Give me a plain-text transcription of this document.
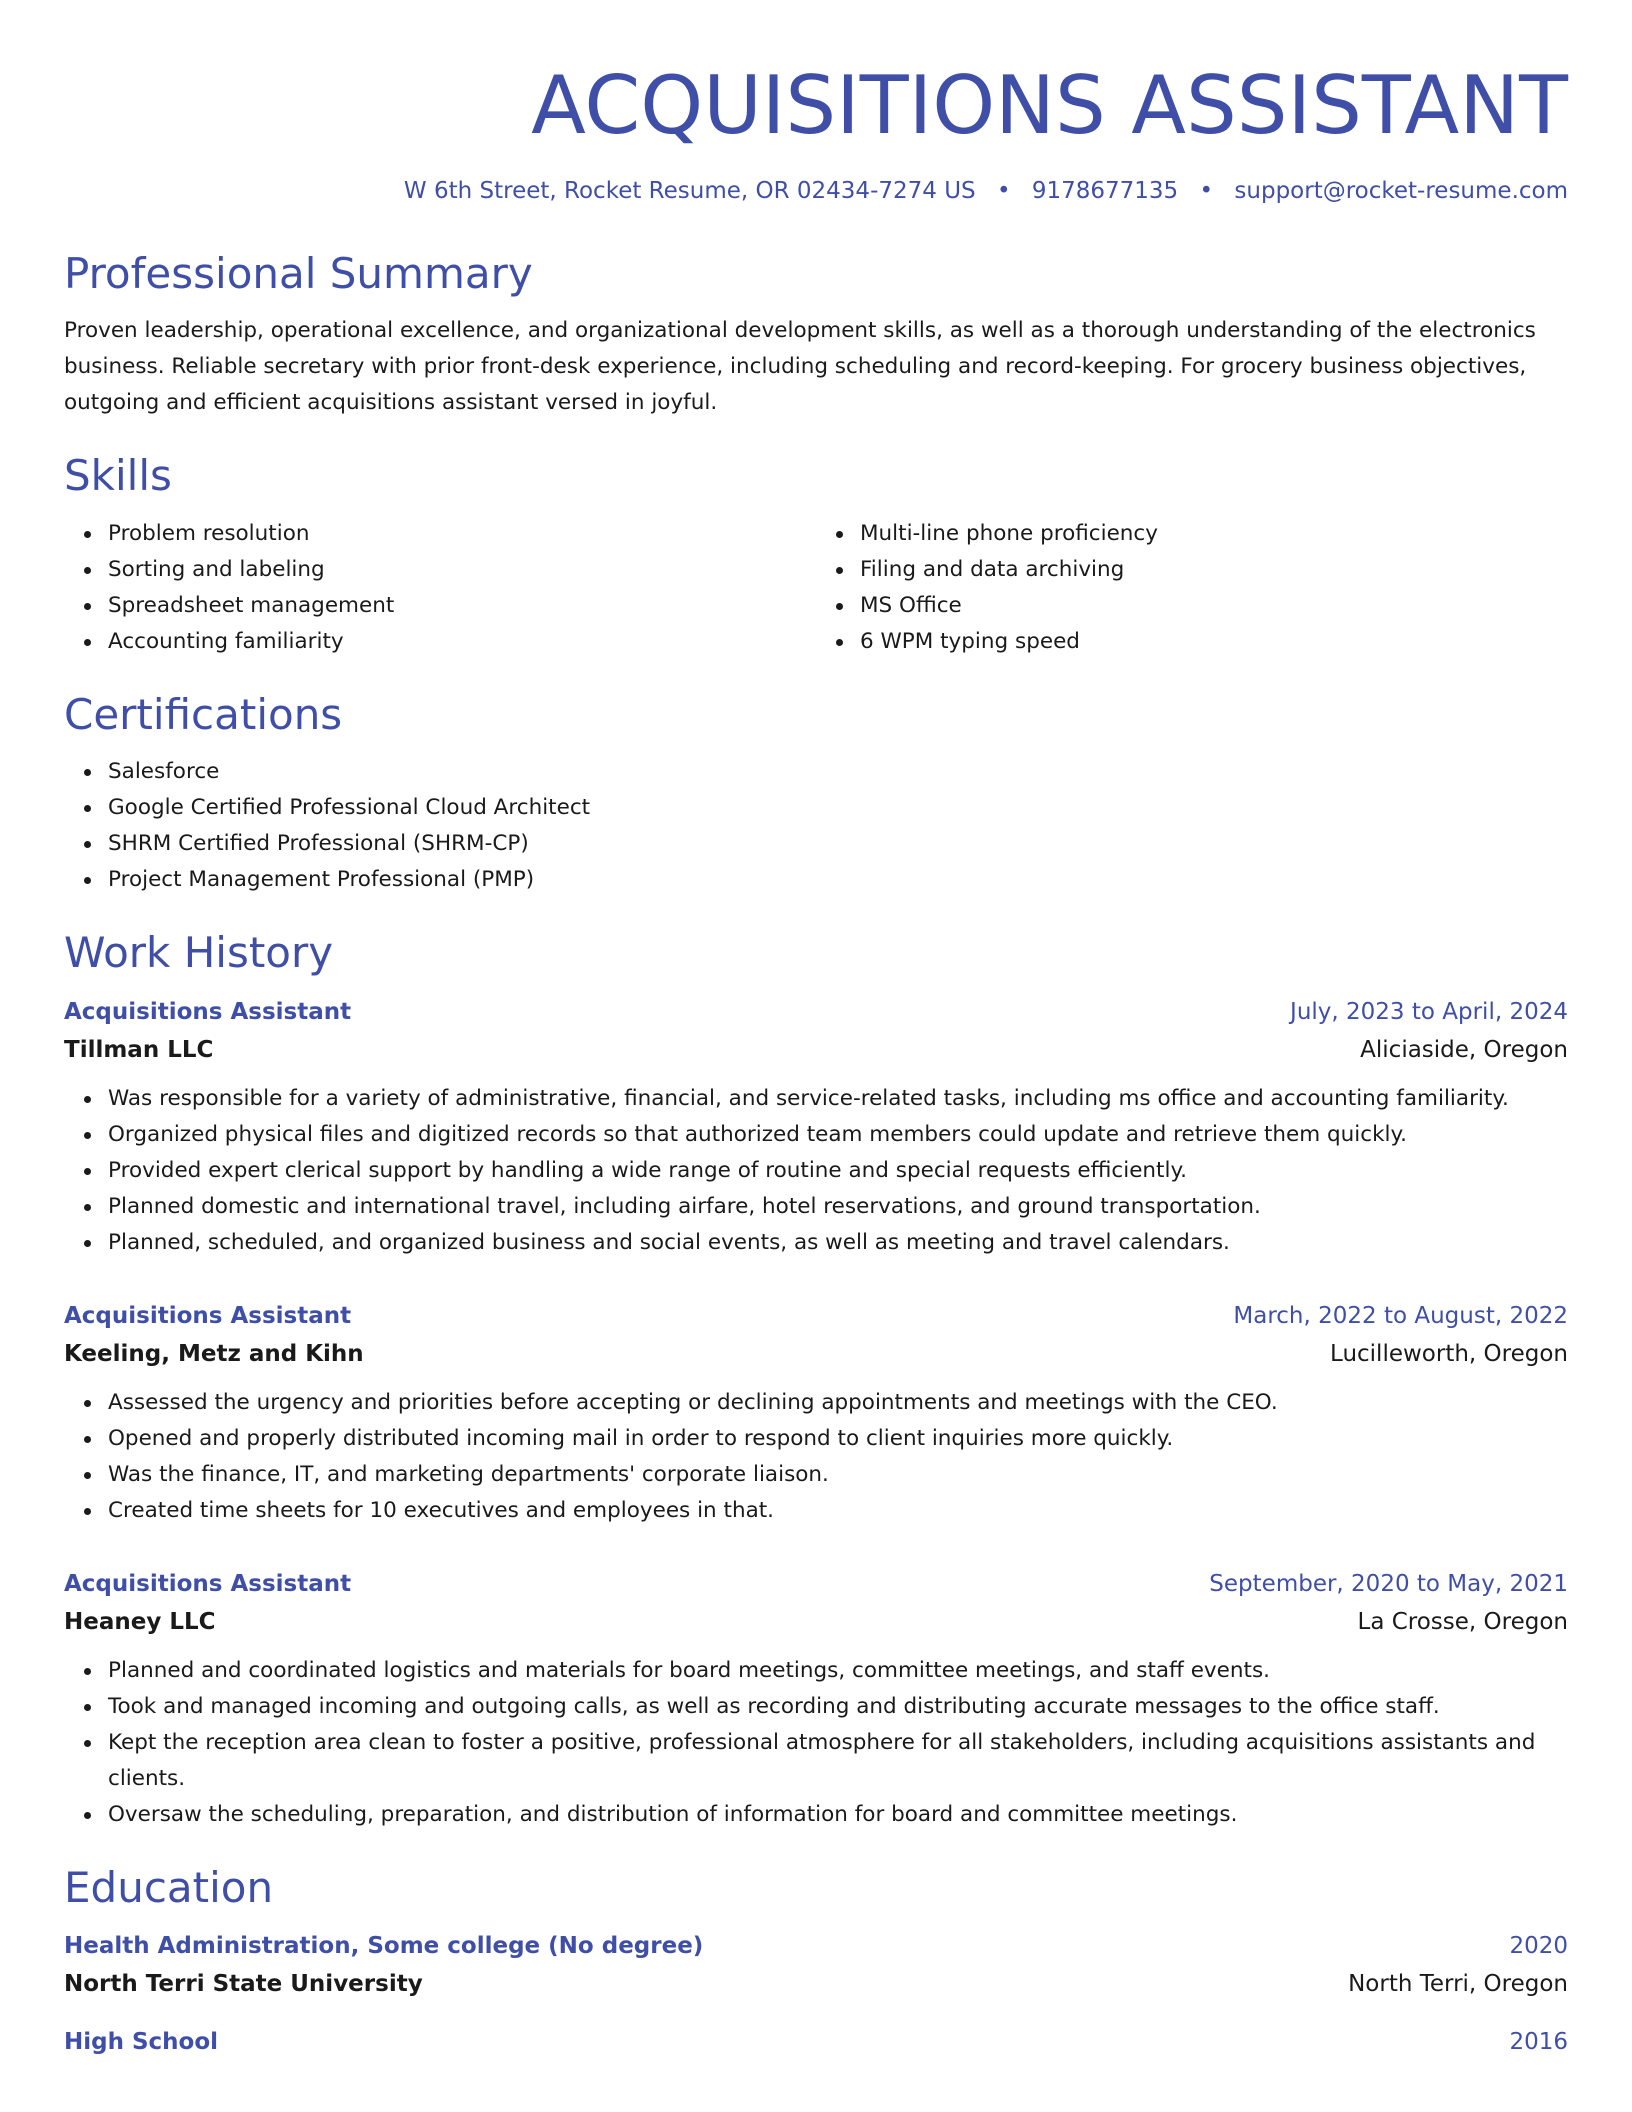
ACQUISITIONS ASSISTANT
W 6th Street, Rocket Resume, OR 02434-7274 US • 9178677135 • support@rocket-resume.com
Professional Summary
Proven leadership, operational excellence, and organizational development skills, as well as a thorough understanding of the electronics business. Reliable secretary with prior front-desk experience, including scheduling and record-keeping. For grocery business objectives, outgoing and efficient acquisitions assistant versed in joyful.
Skills
Problem resolution
Sorting and labeling
Spreadsheet management
Accounting familiarity
Multi-line phone proficiency
Filing and data archiving
MS Office
6 WPM typing speed
Certifications
Salesforce
Google Certified Professional Cloud Architect
SHRM Certified Professional (SHRM-CP)
Project Management Professional (PMP)
Work History
Acquisitions Assistant	July, 2023 to April, 2024
Tillman LLC	Aliciaside, Oregon
Was responsible for a variety of administrative, financial, and service-related tasks, including ms office and accounting familiarity.
Organized physical files and digitized records so that authorized team members could update and retrieve them quickly.
Provided expert clerical support by handling a wide range of routine and special requests efficiently.
Planned domestic and international travel, including airfare, hotel reservations, and ground transportation.
Planned, scheduled, and organized business and social events, as well as meeting and travel calendars.
Acquisitions Assistant	March, 2022 to August, 2022
Keeling, Metz and Kihn	Lucilleworth, Oregon
Assessed the urgency and priorities before accepting or declining appointments and meetings with the CEO.
Opened and properly distributed incoming mail in order to respond to client inquiries more quickly.
Was the finance, IT, and marketing departments' corporate liaison.
Created time sheets for 10 executives and employees in that.
Acquisitions Assistant	September, 2020 to May, 2021
Heaney LLC	La Crosse, Oregon
Planned and coordinated logistics and materials for board meetings, committee meetings, and staff events.
Took and managed incoming and outgoing calls, as well as recording and distributing accurate messages to the office staff.
Kept the reception area clean to foster a positive, professional atmosphere for all stakeholders, including acquisitions assistants and clients.
Oversaw the scheduling, preparation, and distribution of information for board and committee meetings.
Education
Health Administration, Some college (No degree)	2020
North Terri State University	North Terri, Oregon
High School	2016
